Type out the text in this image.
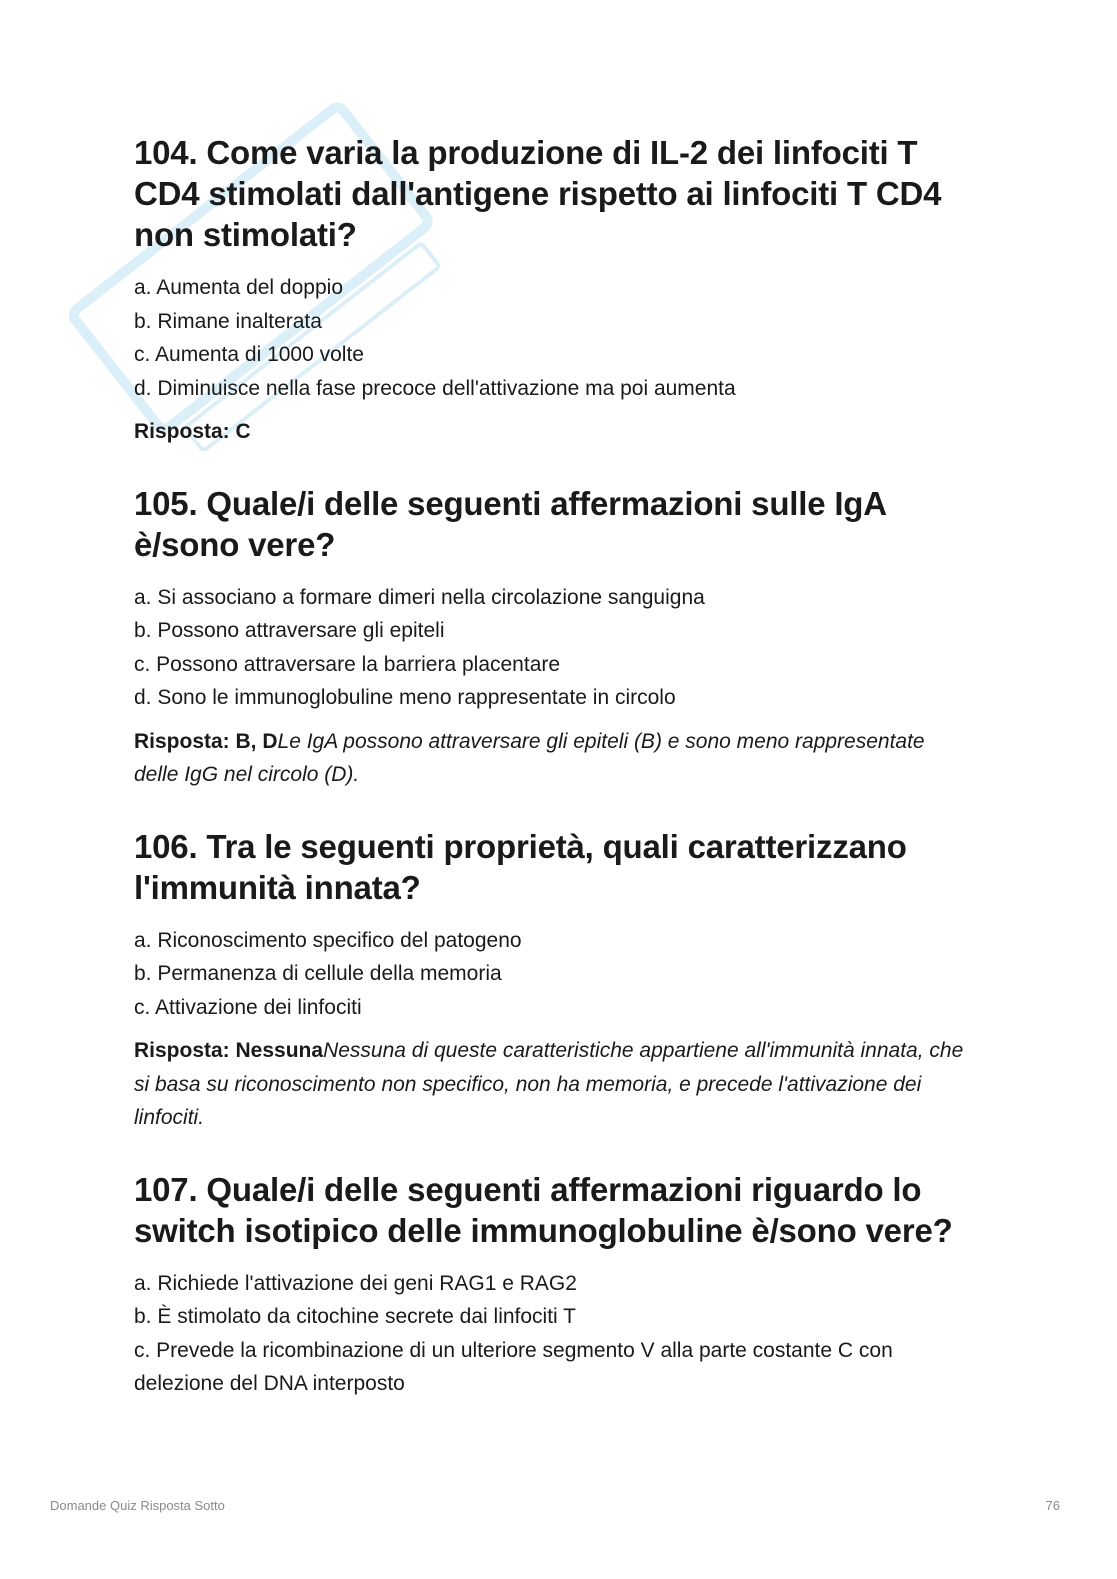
104. Come varia la produzione di IL-2 dei linfociti T CD4 stimolati dall'antigene rispetto ai linfociti T CD4 non stimolati?
a. Aumenta del doppio
b. Rimane inalterata
c. Aumenta di 1000 volte
d. Diminuisce nella fase precoce dell'attivazione ma poi aumenta
Risposta: C
105. Quale/i delle seguenti affermazioni sulle IgA è/sono vere?
a. Si associano a formare dimeri nella circolazione sanguigna
b. Possono attraversare gli epiteli
c. Possono attraversare la barriera placentare
d. Sono le immunoglobuline meno rappresentate in circolo
Risposta: B, DLe IgA possono attraversare gli epiteli (B) e sono meno rappresentate delle IgG nel circolo (D).
106. Tra le seguenti proprietà, quali caratterizzano l'immunità innata?
a. Riconoscimento specifico del patogeno
b. Permanenza di cellule della memoria
c. Attivazione dei linfociti
Risposta: NessunaNessuna di queste caratteristiche appartiene all'immunità innata, che si basa su riconoscimento non specifico, non ha memoria, e precede l'attivazione dei linfociti.
107. Quale/i delle seguenti affermazioni riguardo lo switch isotipico delle immunoglobuline è/sono vere?
a. Richiede l'attivazione dei geni RAG1 e RAG2
b. È stimolato da citochine secrete dai linfociti T
c. Prevede la ricombinazione di un ulteriore segmento V alla parte costante C con delezione del DNA interposto
Domande Quiz Risposta Sotto	76
